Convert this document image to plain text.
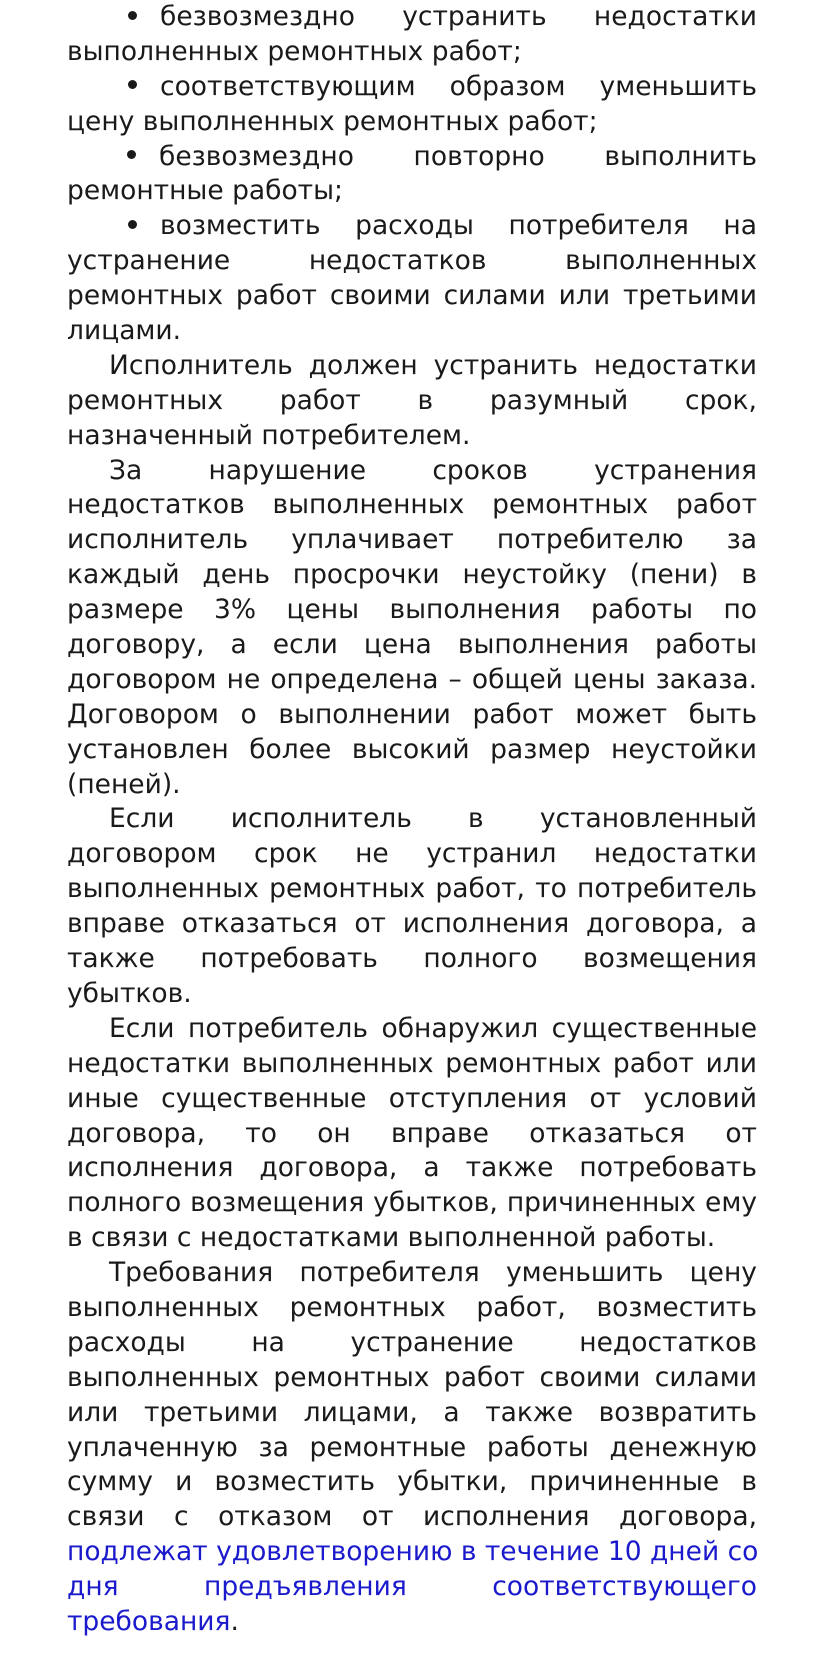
безвозмездно устранить недостатки
выполненных ремонтных работ;
соответствующим образом уменьшить
цену выполненных ремонтных работ;
безвозмездно повторно выполнить
ремонтные работы;
возместить расходы потребителя на
устранение недостатков выполненных
ремонтных работ своими силами или третьими
лицами.
Исполнитель должен устранить недостатки
ремонтных работ в разумный срок,
назначенный потребителем.
За нарушение сроков устранения
недостатков выполненных ремонтных работ
исполнитель уплачивает потребителю за
каждый день просрочки неустойку (пени) в
размере 3% цены выполнения работы по
договору, а если цена выполнения работы
договором не определена – общей цены заказа.
Договором о выполнении работ может быть
установлен более высокий размер неустойки
(пеней).
Если исполнитель в установленный
договором срок не устранил недостатки
выполненных ремонтных работ, то потребитель
вправе отказаться от исполнения договора, а
также потребовать полного возмещения
убытков.
Если потребитель обнаружил существенные
недостатки выполненных ремонтных работ или
иные существенные отступления от условий
договора, то он вправе отказаться от
исполнения договора, а также потребовать
полного возмещения убытков, причиненных ему
в связи с недостатками выполненной работы.
Требования потребителя уменьшить цену
выполненных ремонтных работ, возместить
расходы на устранение недостатков
выполненных ремонтных работ своими силами
или третьими лицами, а также возвратить
уплаченную за ремонтные работы денежную
сумму и возместить убытки, причиненные в
связи с отказом от исполнения договора,
подлежат удовлетворению в течение 10 дней со
дня предъявления соответствующего
требования.
